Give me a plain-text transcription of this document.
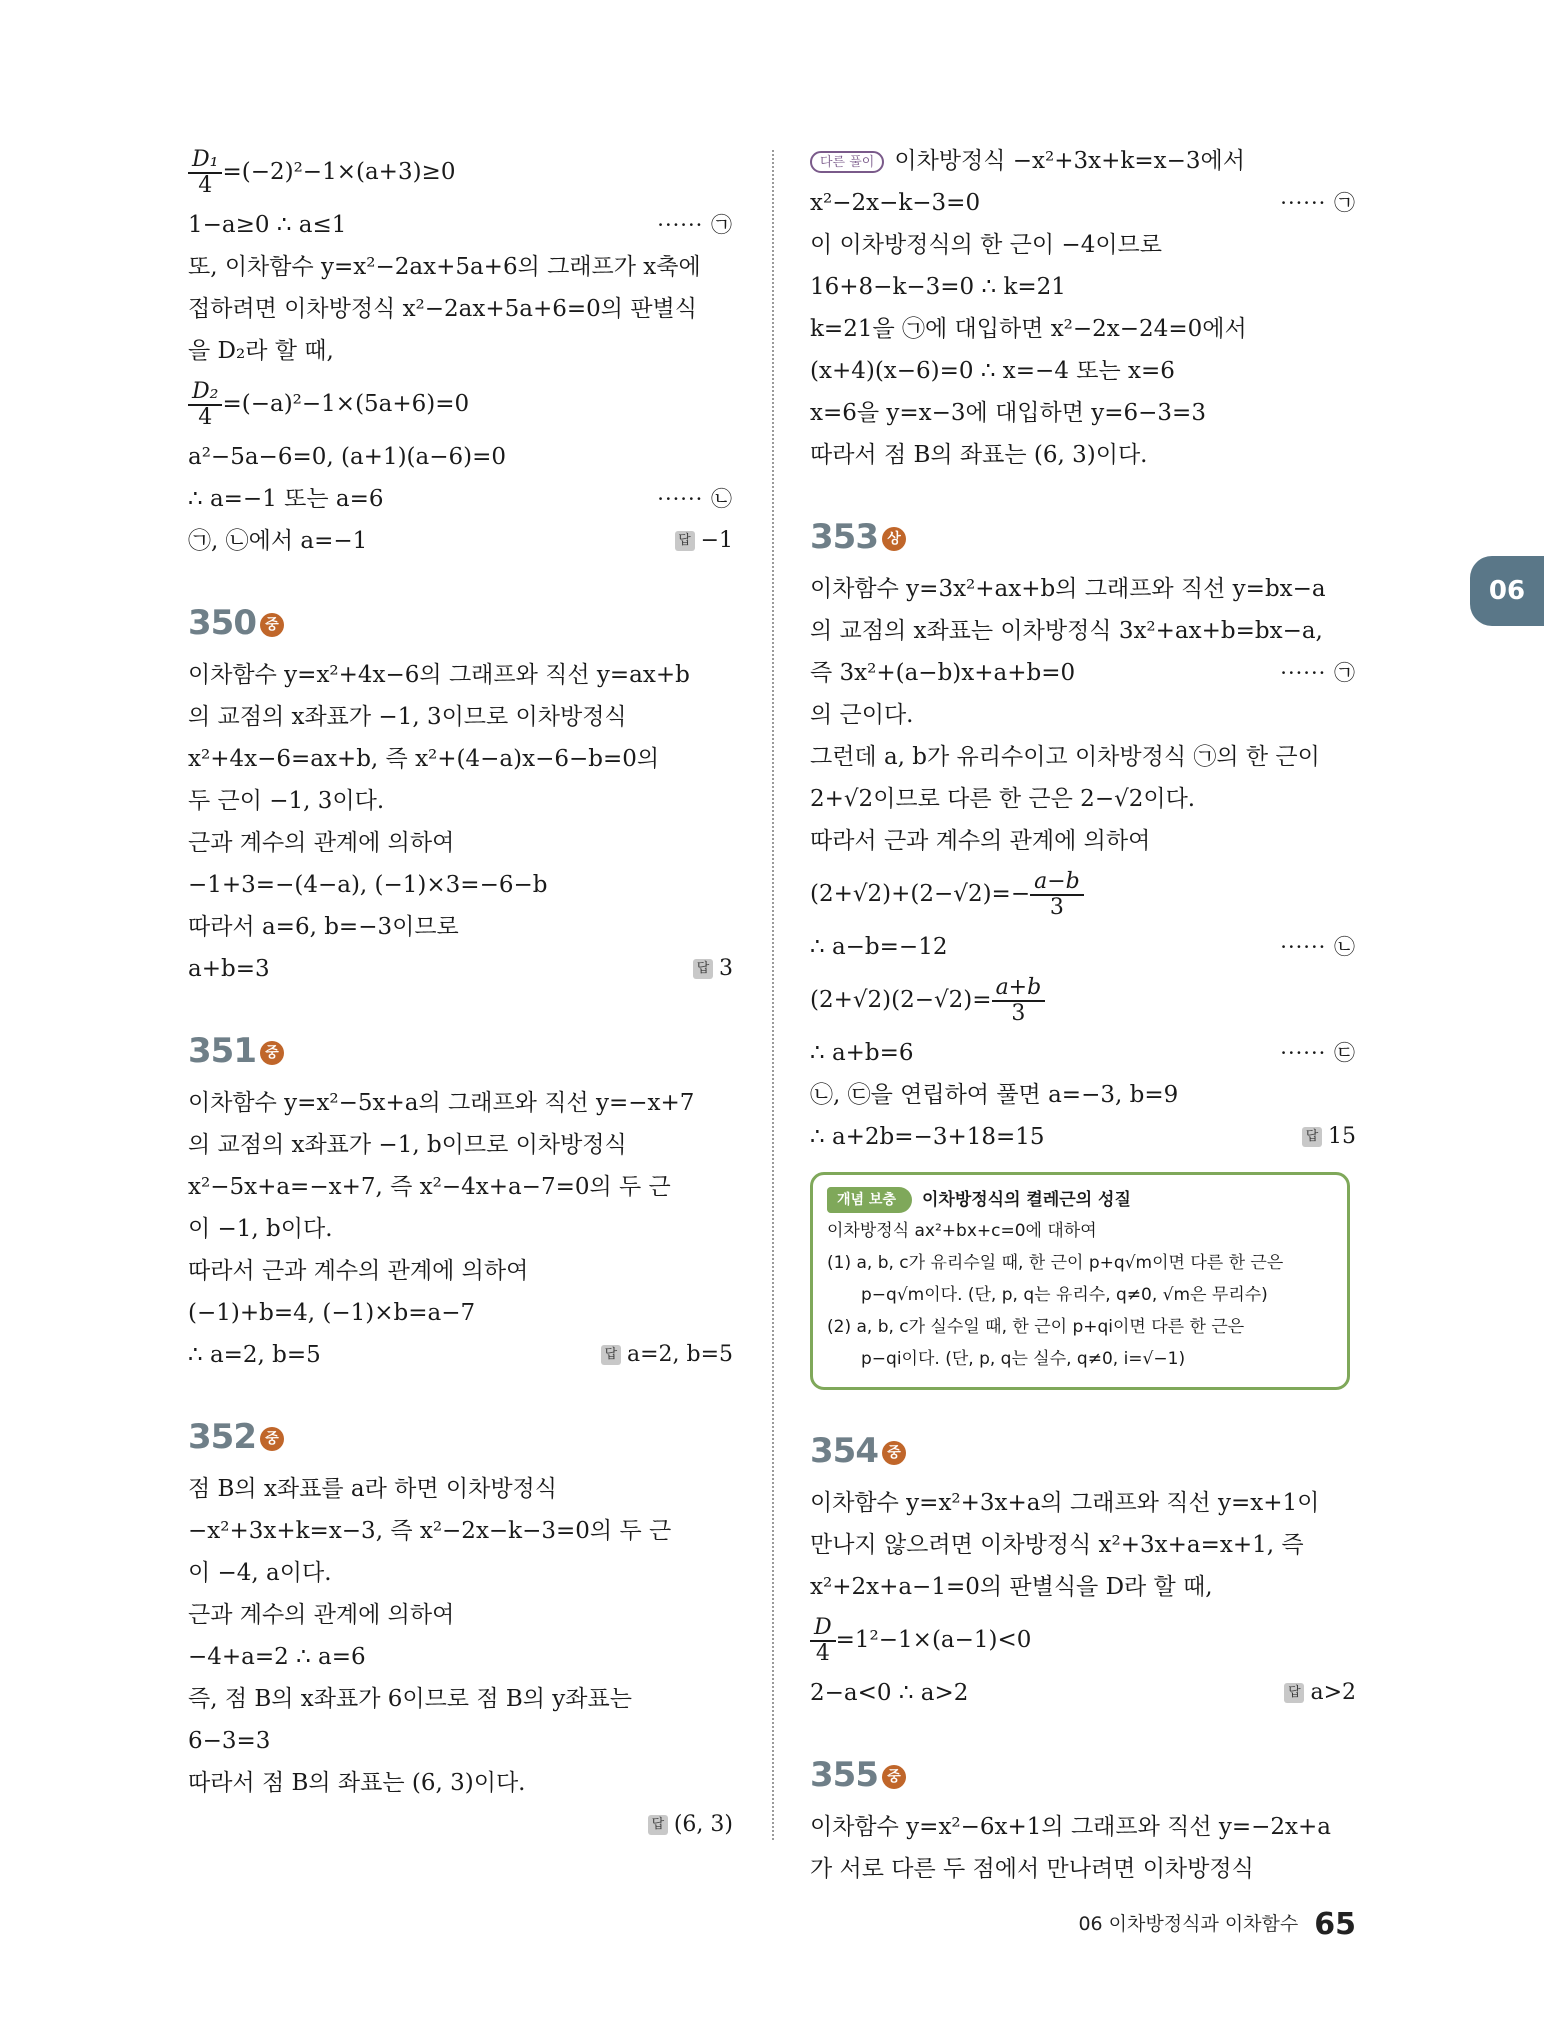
$\frac{\text{D₁}}{4} =(-2)^2-1\times(a+3)\ge 0$
1−a≥0 ∴ a≤1	······ ㉠
또, 이차함수 y=x²−2ax+5a+6의 그래프가 x축에
접하려면 이차방정식 x²−2ax+5a+6=0의 판별식
을 D₂라 할 때,
$\frac{\text{D₂}}{4} =(-a)^2-1\times(5a+6)=0$
a²−5a−6=0, (a+1)(a−6)=0
∴ a=−1 또는 a=6	······ ㉡
㉠, ㉡에서 a=−1	답 −1
350 중
이차함수 y=x²+4x−6의 그래프와 직선 y=ax+b
의 교점의 x좌표가 −1, 3이므로 이차방정식
x²+4x−6=ax+b, 즉 x²+(4−a)x−6−b=0의
두 근이 −1, 3이다.
근과 계수의 관계에 의하여
−1+3=−(4−a), (−1)×3=−6−b
따라서 a=6, b=−3이므로
a+b=3	답 3
351 중
이차함수 y=x²−5x+a의 그래프와 직선 y=−x+7
의 교점의 x좌표가 −1, b이므로 이차방정식
x²−5x+a=−x+7, 즉 x²−4x+a−7=0의 두 근
이 −1, b이다.
따라서 근과 계수의 관계에 의하여
(−1)+b=4, (−1)×b=a−7
∴ a=2, b=5	답 a=2, b=5
352 중
점 B의 x좌표를 a라 하면 이차방정식
−x²+3x+k=x−3, 즉 x²−2x−k−3=0의 두 근
이 −4, a이다.
근과 계수의 관계에 의하여
−4+a=2 ∴ a=6
즉, 점 B의 x좌표가 6이므로 점 B의 y좌표는
6−3=3
따라서 점 B의 좌표는 (6, 3)이다.
답 (6, 3)
다른 풀이 이차방정식 −x²+3x+k=x−3에서
x²−2x−k−3=0	······ ㉠
이 이차방정식의 한 근이 −4이므로
16+8−k−3=0 ∴ k=21
k=21을 ㉠에 대입하면 x²−2x−24=0에서
(x+4)(x−6)=0 ∴ x=−4 또는 x=6
x=6을 y=x−3에 대입하면 y=6−3=3
따라서 점 B의 좌표는 (6, 3)이다.
353 상
이차함수 y=3x²+ax+b의 그래프와 직선 y=bx−a
의 교점의 x좌표는 이차방정식 3x²+ax+b=bx−a,
즉 3x²+(a−b)x+a+b=0	······ ㉠
의 근이다.
그런데 a, b가 유리수이고 이차방정식 ㉠의 한 근이
2+√2이므로 다른 한 근은 2−√2이다.
따라서 근과 계수의 관계에 의하여
$(2+√2)+(2-√2)=- \frac{a-b}{3}$
∴ a−b=−12	······ ㉡
$(2+√2)(2-√2)= \frac{a+b}{3}$
∴ a+b=6	······ ㉢
㉡, ㉢을 연립하여 풀면 a=−3, b=9
∴ a+2b=−3+18=15	답 15
개념 보충 이차방정식의 켤레근의 성질
이차방정식 ax²+bx+c=0에 대하여
(1) a, b, c가 유리수일 때, 한 근이 p+q√m이면 다른 한 근은
p−q√m이다. (단, p, q는 유리수, q≠0, √m은 무리수)
(2) a, b, c가 실수일 때, 한 근이 p+qi이면 다른 한 근은
p−qi이다. (단, p, q는 실수, q≠0, i=√−1)
354 중
이차함수 y=x²+3x+a의 그래프와 직선 y=x+1이
만나지 않으려면 이차방정식 x²+3x+a=x+1, 즉
x²+2x+a−1=0의 판별식을 D라 할 때,
$\frac{D}{4} =1^2-1\times(a-1)<0$
2−a<0 ∴ a>2	답 a>2
355 중
이차함수 y=x²−6x+1의 그래프와 직선 y=−2x+a
가 서로 다른 두 점에서 만나려면 이차방정식
06
06 이차방정식과 이차함수 65
